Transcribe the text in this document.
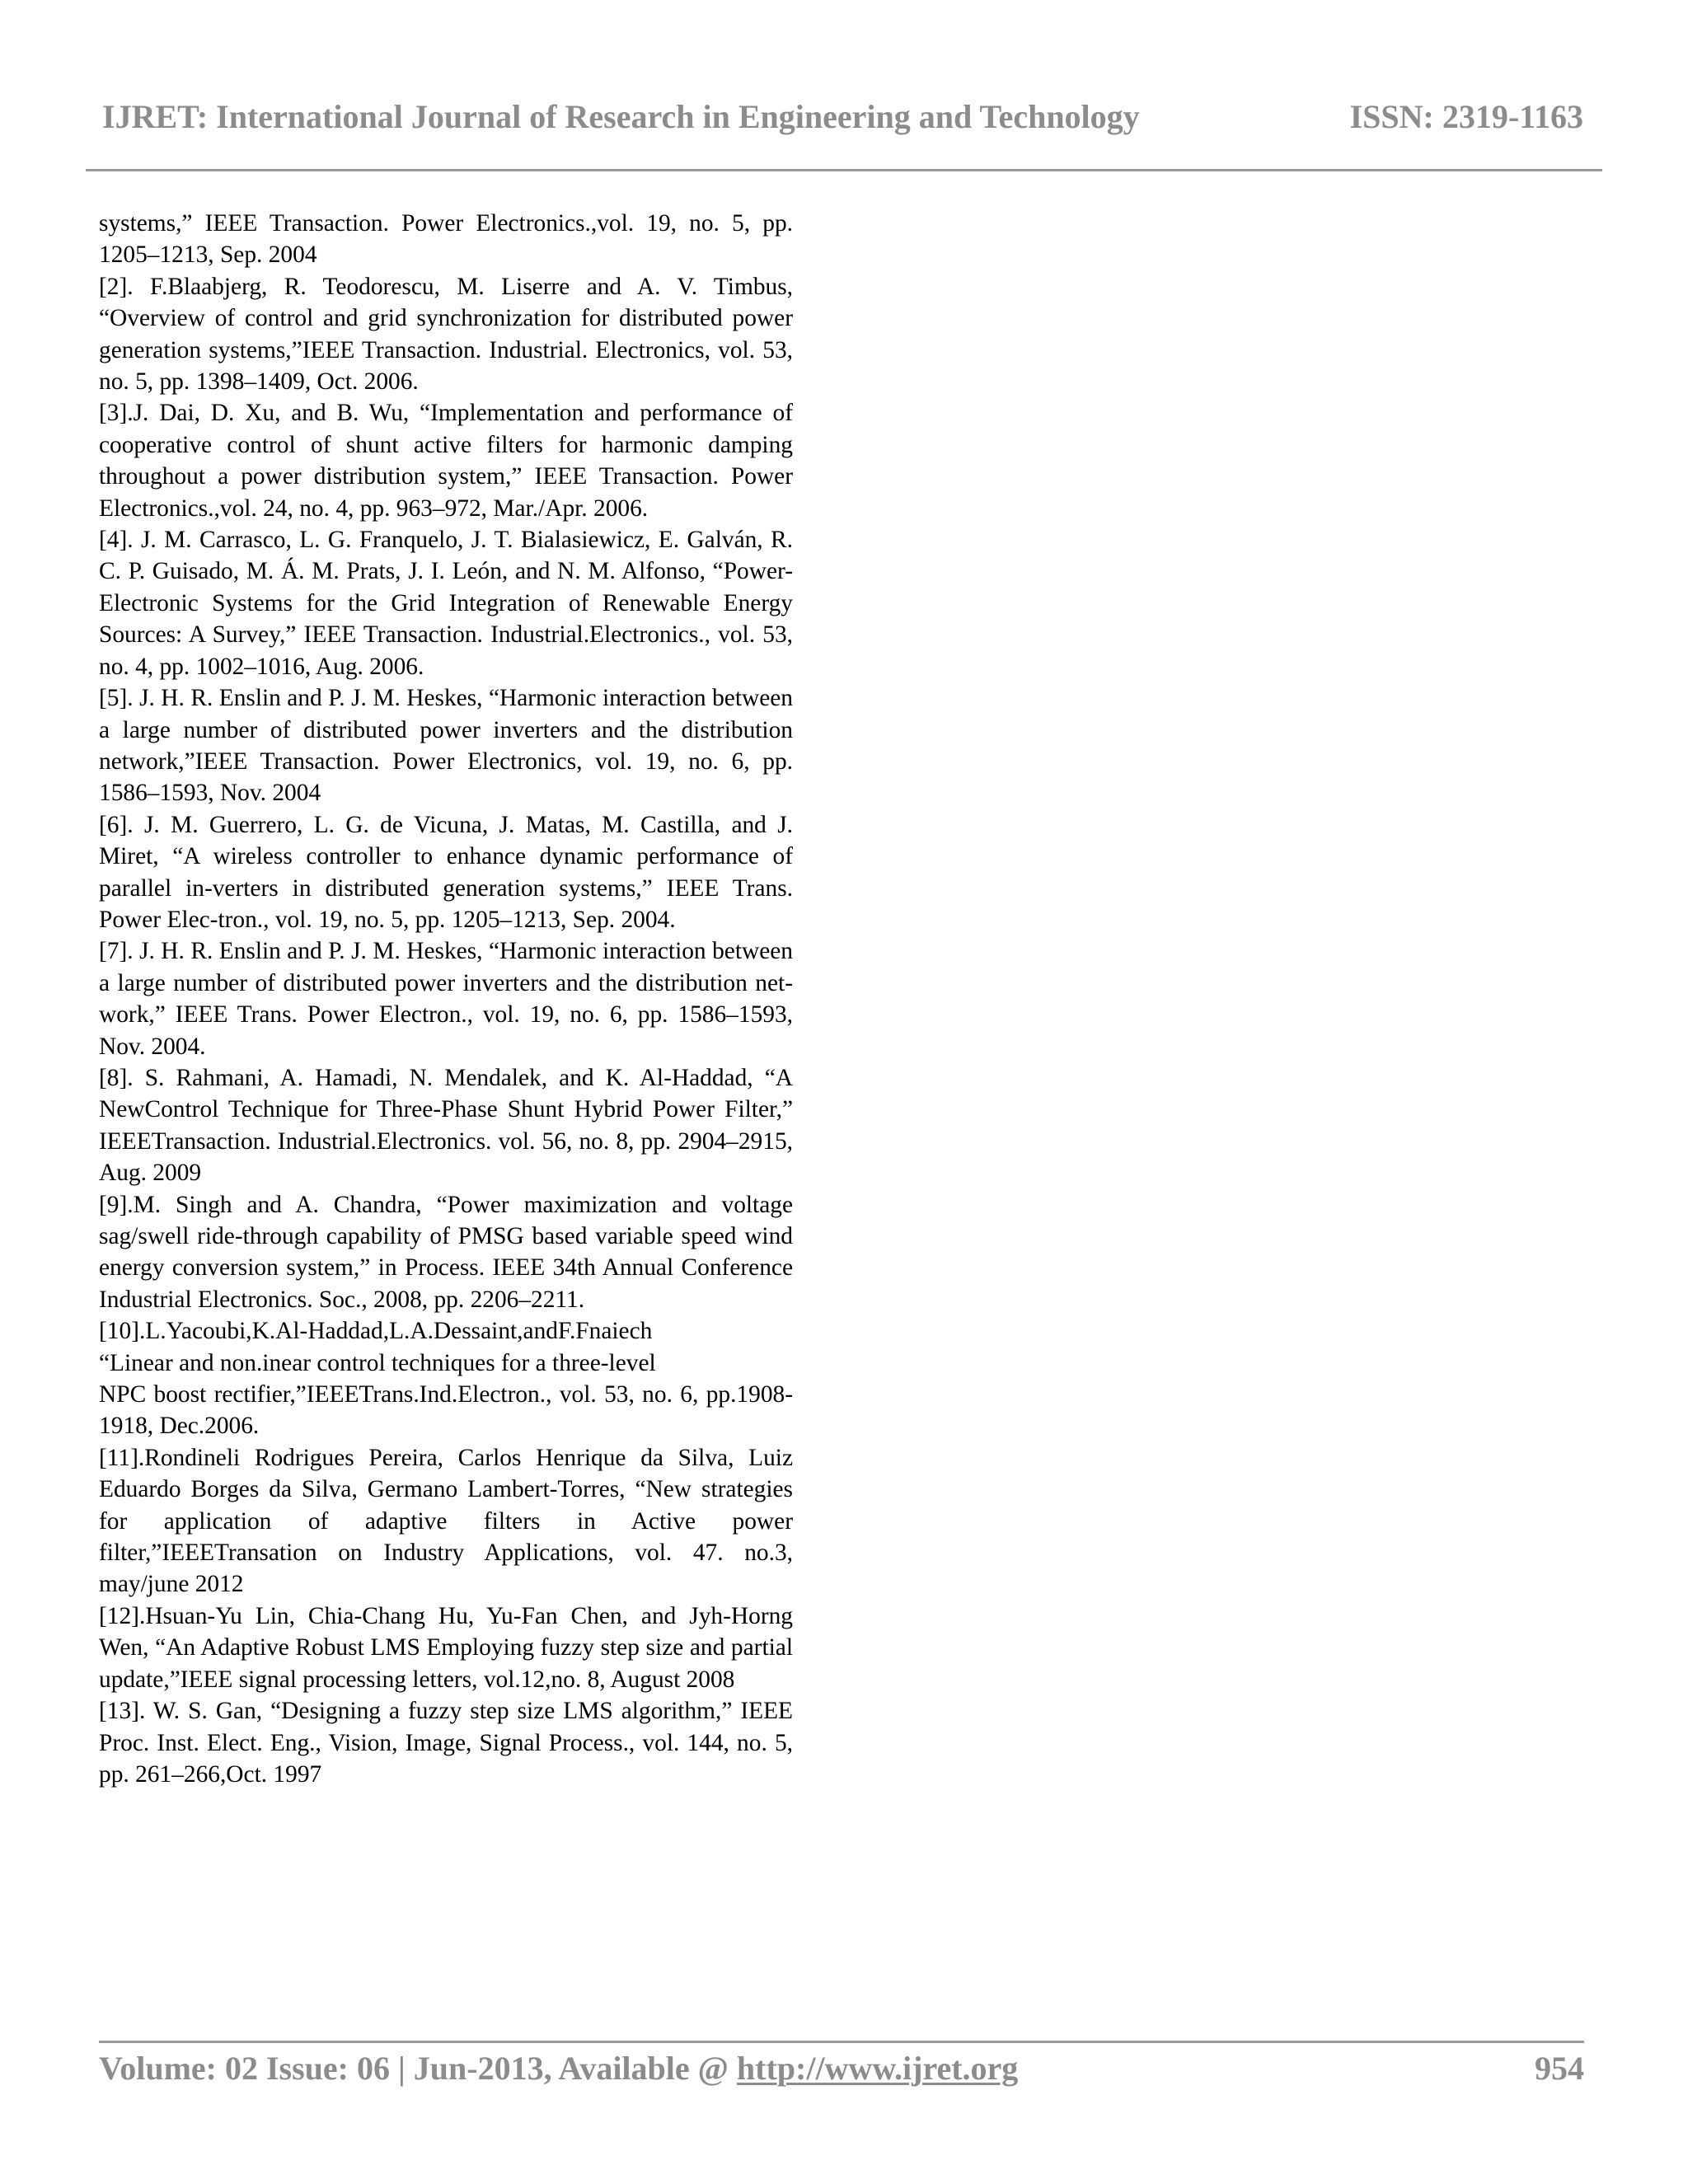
IJRET: International Journal of Research in Engineering and Technology	ISSN: 2319-1163

systems,” IEEE Transaction. Power Electronics.,vol. 19, no. 5, pp. 1205–1213, Sep. 2004

[2]. F.Blaabjerg, R. Teodorescu, M. Liserre and A. V. Timbus, “Overview of control and grid synchronization for distributed power generation systems,”IEEE Transaction. Industrial. Electronics, vol. 53, no. 5, pp. 1398–1409, Oct. 2006.

[3].J. Dai, D. Xu, and B. Wu, “Implementation and performance of cooperative control of shunt active filters for harmonic damping throughout a power distribution system,” IEEE Transaction. Power Electronics.,vol. 24, no. 4, pp. 963–972, Mar./Apr. 2006.

[4]. J. M. Carrasco, L. G. Franquelo, J. T. Bialasiewicz, E. Galván, R. C. P. Guisado, M. Á. M. Prats, J. I. León, and N. M. Alfonso, “Power- Electronic Systems for the Grid Integration of Renewable Energy Sources: A Survey,” IEEE Transaction. Industrial.Electronics., vol. 53, no. 4, pp. 1002–1016, Aug. 2006.

[5]. J. H. R. Enslin and P. J. M. Heskes, “Harmonic interaction between a large number of distributed power inverters and the distribution network,”IEEE Transaction. Power Electronics, vol. 19, no. 6, pp. 1586–1593, Nov. 2004

[6]. J. M. Guerrero, L. G. de Vicuna, J. Matas, M. Castilla, and J. Miret, “A wireless controller to enhance dynamic performance of parallel in-verters in distributed generation systems,” IEEE Trans. Power Elec-tron., vol. 19, no. 5, pp. 1205–1213, Sep. 2004.

[7]. J. H. R. Enslin and P. J. M. Heskes, “Harmonic interaction between a large number of distributed power inverters and the distribution net-work,” IEEE Trans. Power Electron., vol. 19, no. 6, pp. 1586–1593, Nov. 2004.

[8]. S. Rahmani, A. Hamadi, N. Mendalek, and K. Al-Haddad, “A NewControl Technique for Three-Phase Shunt Hybrid Power Filter,” IEEETransaction. Industrial.Electronics. vol. 56, no. 8, pp. 2904–2915, Aug. 2009

[9].M. Singh and A. Chandra, “Power maximization and voltage sag/swell ride-through capability of PMSG based variable speed wind energy conversion system,” in Process. IEEE 34th Annual Conference Industrial Electronics. Soc., 2008, pp. 2206–2211.

[10].L.Yacoubi,K.Al-Haddad,L.A.Dessaint,andF.Fnaiech

“Linear and non.inear control techniques for a three-level

NPC boost rectifier,”IEEETrans.Ind.Electron., vol. 53, no. 6, pp.1908-1918, Dec.2006.

[11].Rondineli Rodrigues Pereira, Carlos Henrique da Silva, Luiz Eduardo Borges da Silva, Germano Lambert-Torres, “New strategies for application of adaptive filters in Active power filter,”IEEETransation on Industry Applications, vol. 47. no.3, may/june 2012

[12].Hsuan-Yu Lin, Chia-Chang Hu, Yu-Fan Chen, and Jyh-Horng Wen, “An Adaptive Robust LMS Employing fuzzy step size and partial update,”IEEE signal processing letters, vol.12,no. 8, August 2008

[13]. W. S. Gan, “Designing a fuzzy step size LMS algorithm,” IEEE Proc. Inst. Elect. Eng., Vision, Image, Signal Process., vol. 144, no. 5, pp. 261–266,Oct. 1997

Volume: 02 Issue: 06 | Jun-2013, Available @ http://www.ijret.org	954
